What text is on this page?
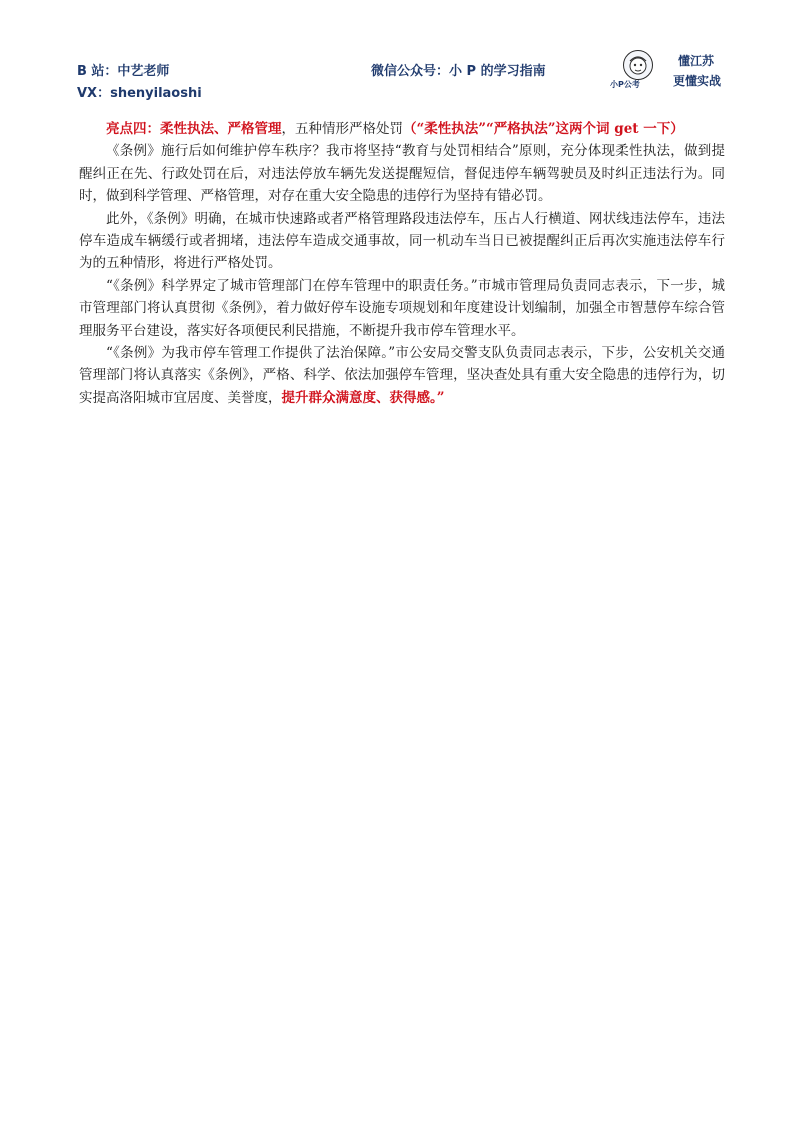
B 站：中艺老师
VX：shenyilaoshi
微信公众号：小 P 的学习指南
小P公考
懂江苏
更懂实战

亮点四：柔性执法、严格管理，五种情形严格处罚（“柔性执法”“严格执法”这两个词 get 一下）

《条例》施行后如何维护停车秩序？我市将坚持“教育与处罚相结合”原则，充分体现柔性执法，做到提醒纠正在先、行政处罚在后，对违法停放车辆先发送提醒短信，督促违停车辆驾驶员及时纠正违法行为。同时，做到科学管理、严格管理，对存在重大安全隐患的违停行为坚持有错必罚。

此外，《条例》明确，在城市快速路或者严格管理路段违法停车，压占人行横道、网状线违法停车，违法停车造成车辆缓行或者拥堵，违法停车造成交通事故，同一机动车当日已被提醒纠正后再次实施违法停车行为的五种情形，将进行严格处罚。

“《条例》科学界定了城市管理部门在停车管理中的职责任务。”市城市管理局负责同志表示，下一步，城市管理部门将认真贯彻《条例》，着力做好停车设施专项规划和年度建设计划编制，加强全市智慧停车综合管理服务平台建设，落实好各项便民利民措施，不断提升我市停车管理水平。

“《条例》为我市停车管理工作提供了法治保障。”市公安局交警支队负责同志表示，下步，公安机关交通管理部门将认真落实《条例》，严格、科学、依法加强停车管理，坚决查处具有重大安全隐患的违停行为，切实提高洛阳城市宜居度、美誉度，提升群众满意度、获得感。”
